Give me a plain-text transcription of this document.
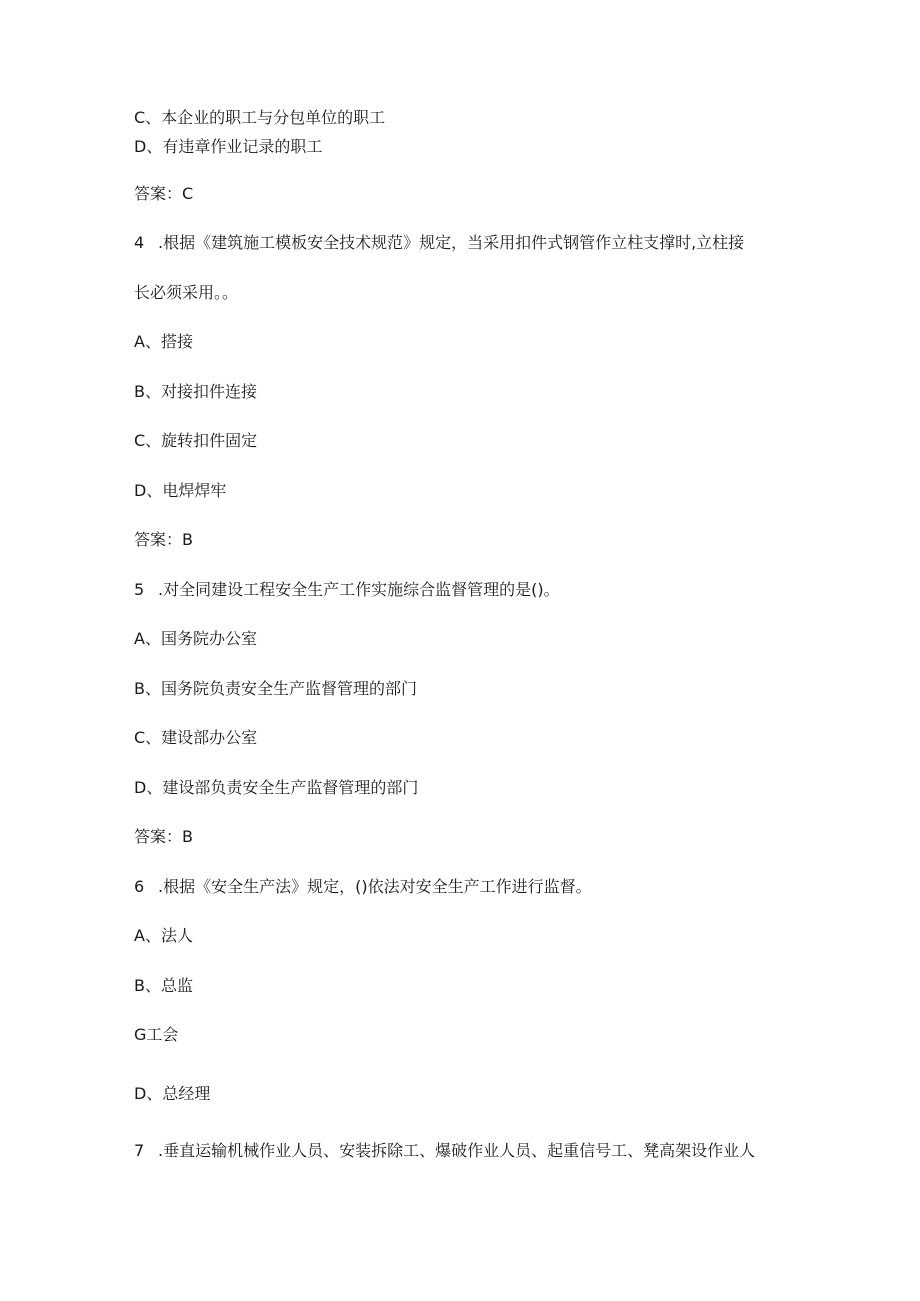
C、本企业的职工与分包单位的职工
D、有违章作业记录的职工
答案：C
4 .根据《建筑施工模板安全技术规范》规定，当采用扣件式钢管作立柱支撑时,立柱接
长必须采用。。
A、搭接
B、对接扣件连接
C、旋转扣件固定
D、电焊焊牢
答案：B
5 .对全同建设工程安全生产工作实施综合监督管理的是()。
A、国务院办公室
B、国务院负责安全生产监督管理的部门
C、建设部办公室
D、建设部负责安全生产监督管理的部门
答案：B
6 .根据《安全生产法》规定，()依法对安全生产工作进行监督。
A、法人
B、总监
G工会
D、总经理
7 .垂直运输机械作业人员、安装拆除工、爆破作业人员、起重信号工、凳高架设作业人
